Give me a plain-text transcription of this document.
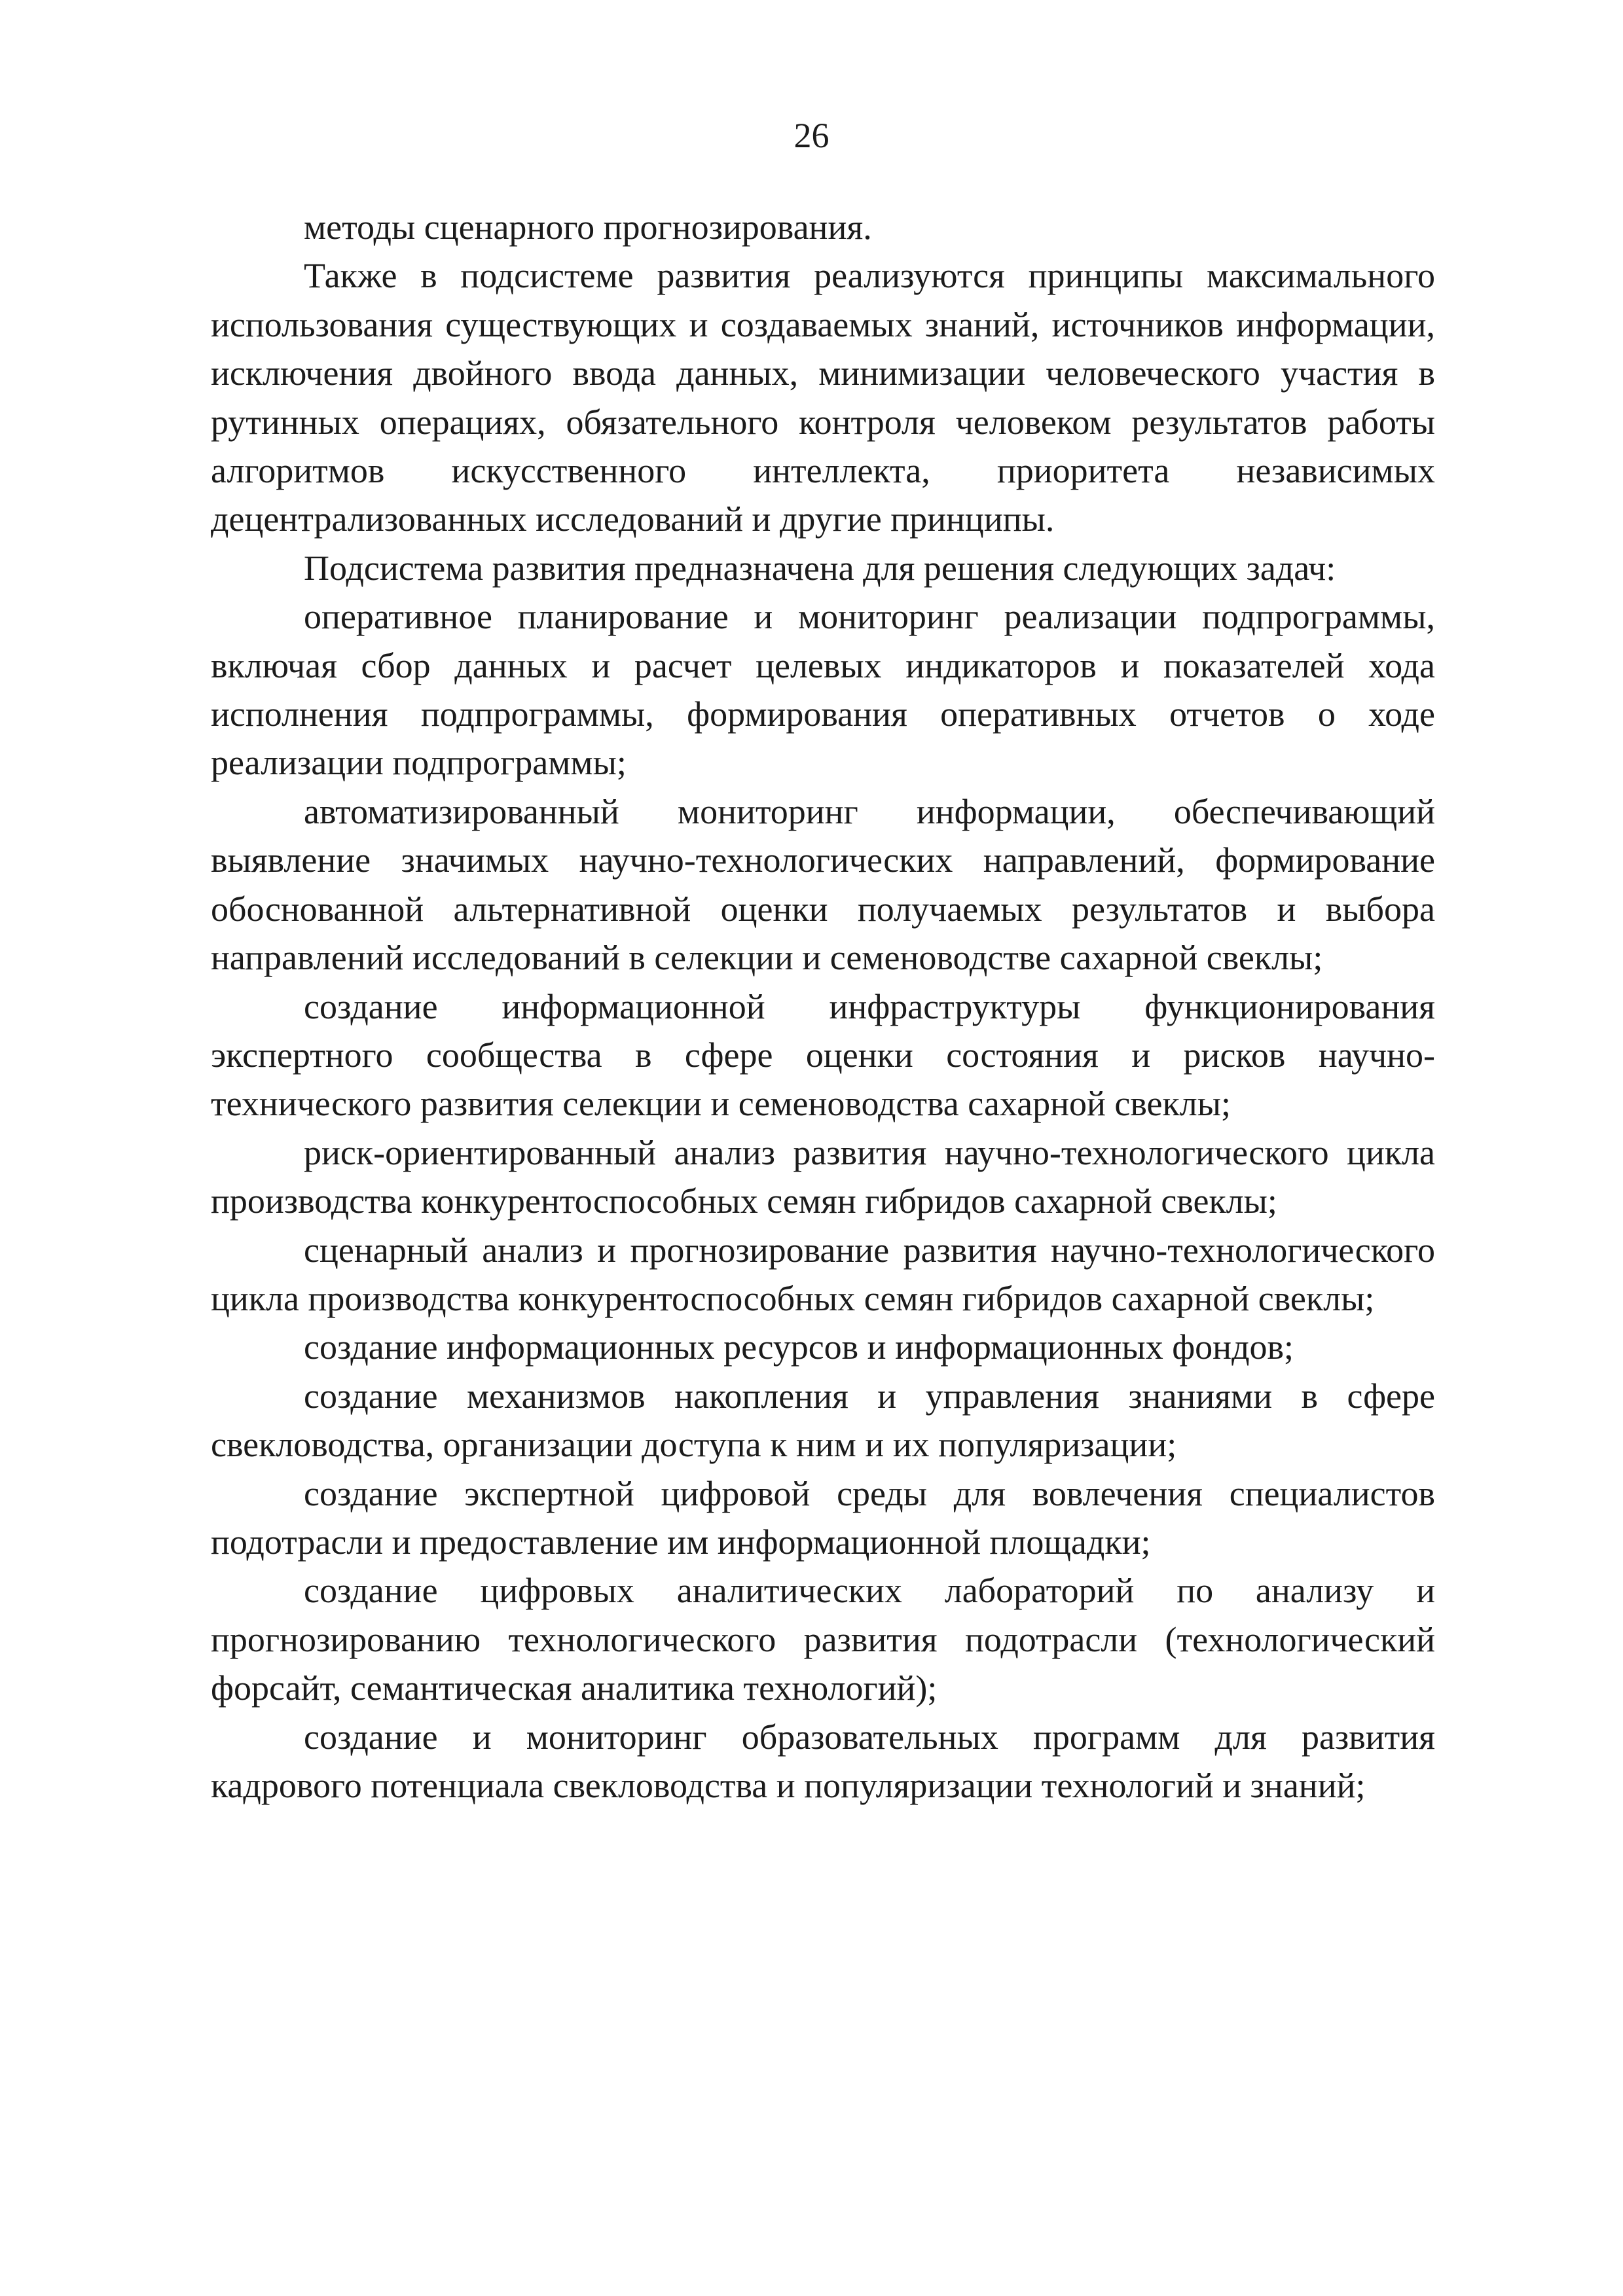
26

методы сценарного прогнозирования.

Также в подсистеме развития реализуются принципы максимального использования существующих и создаваемых знаний, источников информации, исключения двойного ввода данных, минимизации человеческого участия в рутинных операциях, обязательного контроля человеком результатов работы алгоритмов искусственного интеллекта, приоритета независимых децентрализованных исследований и другие принципы.

Подсистема развития предназначена для решения следующих задач:

оперативное планирование и мониторинг реализации подпрограммы, включая сбор данных и расчет целевых индикаторов и показателей хода исполнения подпрограммы, формирования оперативных отчетов о ходе реализации подпрограммы;

автоматизированный мониторинг информации, обеспечивающий выявление значимых научно-технологических направлений, формирование обоснованной альтернативной оценки получаемых результатов и выбора направлений исследований в селекции и семеноводстве сахарной свеклы;

создание информационной инфраструктуры функционирования экспертного сообщества в сфере оценки состояния и рисков научно-технического развития селекции и семеноводства сахарной свеклы;

риск-ориентированный анализ развития научно-технологического цикла производства конкурентоспособных семян гибридов сахарной свеклы;

сценарный анализ и прогнозирование развития научно-технологического цикла производства конкурентоспособных семян гибридов сахарной свеклы;

создание информационных ресурсов и информационных фондов;

создание механизмов накопления и управления знаниями в сфере свекловодства, организации доступа к ним и их популяризации;

создание экспертной цифровой среды для вовлечения специалистов подотрасли и предоставление им информационной площадки;

создание цифровых аналитических лабораторий по анализу и прогнозированию технологического развития подотрасли (технологический форсайт, семантическая аналитика технологий);

создание и мониторинг образовательных программ для развития кадрового потенциала свекловодства и популяризации технологий и знаний;
